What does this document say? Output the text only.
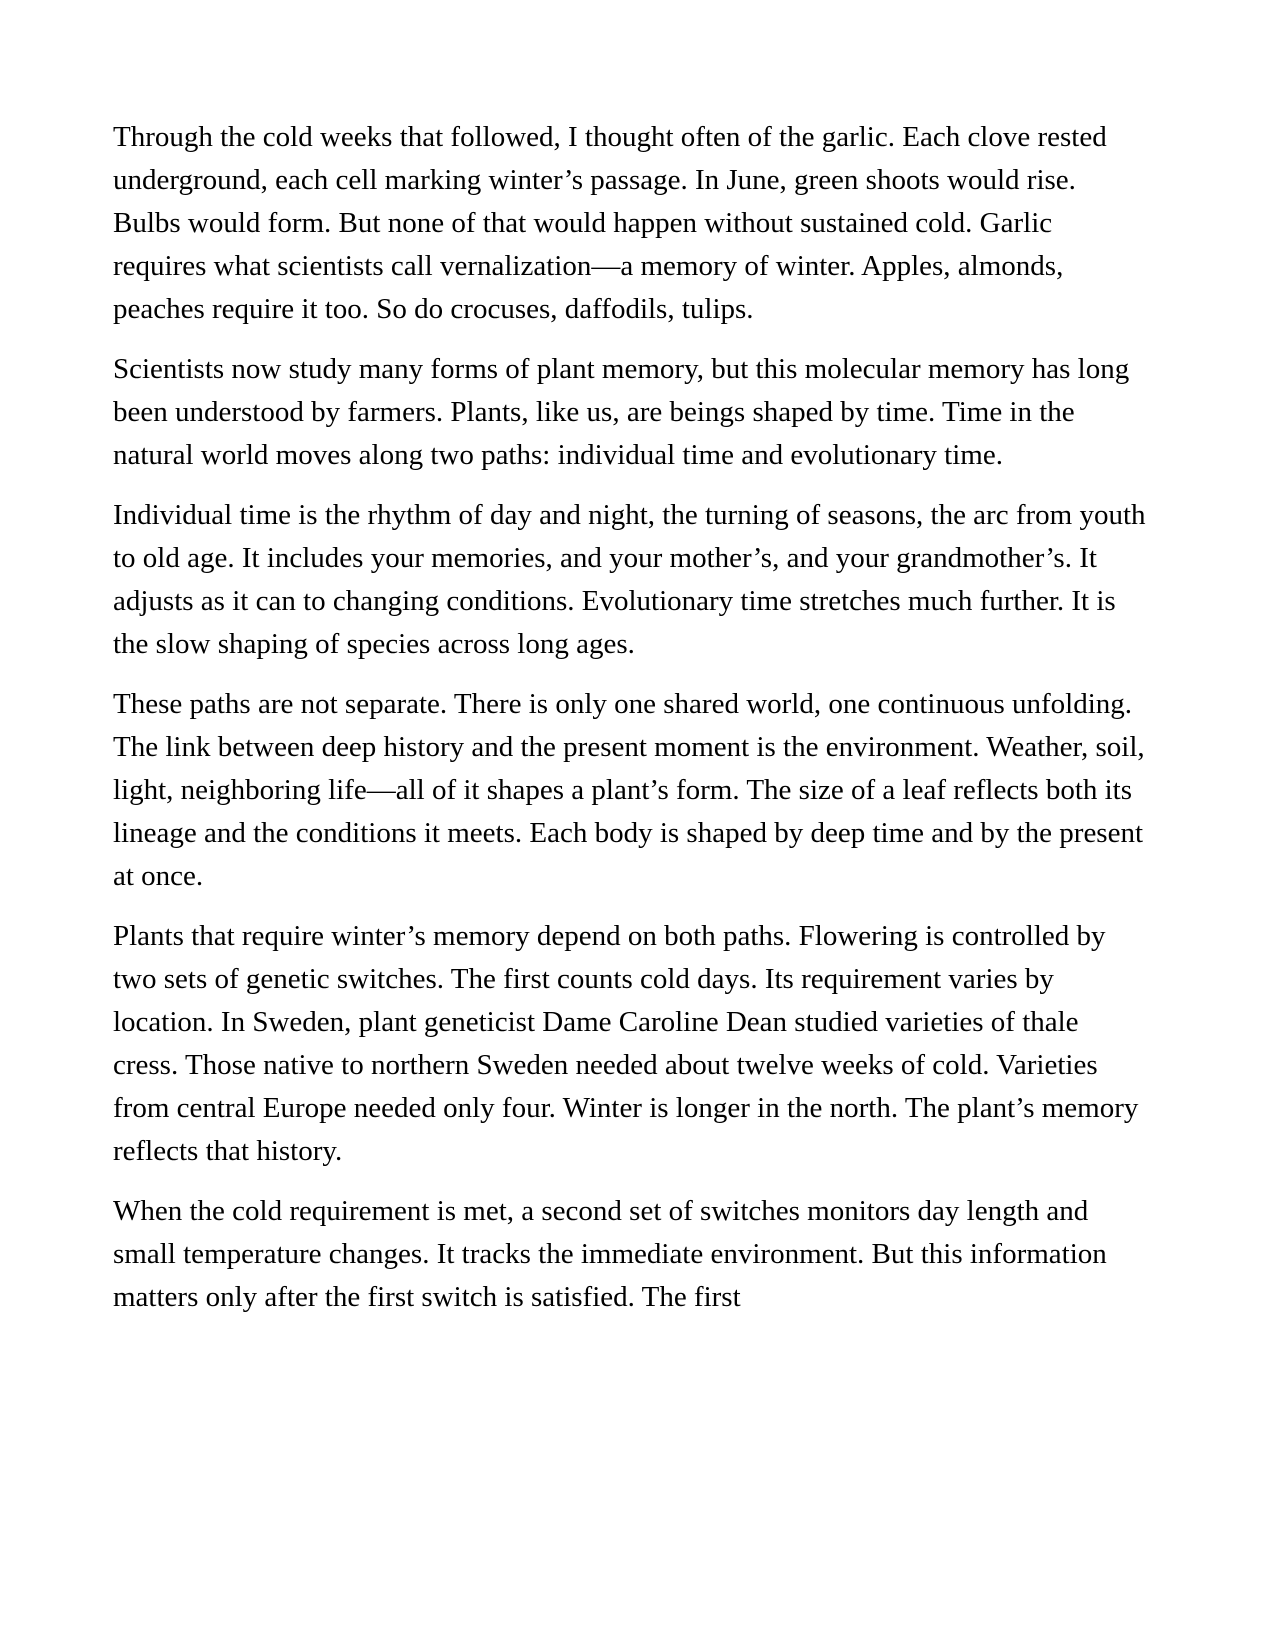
Through the cold weeks that followed, I thought often of the garlic. Each clove rested underground, each cell marking winter’s passage. In June, green shoots would rise. Bulbs would form. But none of that would happen without sustained cold. Garlic requires what scientists call vernalization—a memory of winter. Apples, almonds, peaches require it too. So do crocuses, daffodils, tulips.

Scientists now study many forms of plant memory, but this molecular memory has long been understood by farmers. Plants, like us, are beings shaped by time. Time in the natural world moves along two paths: individual time and evolutionary time.

Individual time is the rhythm of day and night, the turning of seasons, the arc from youth to old age. It includes your memories, and your mother’s, and your grandmother’s. It adjusts as it can to changing conditions. Evolutionary time stretches much further. It is the slow shaping of species across long ages.

These paths are not separate. There is only one shared world, one continuous unfolding. The link between deep history and the present moment is the environment. Weather, soil, light, neighboring life—all of it shapes a plant’s form. The size of a leaf reflects both its lineage and the conditions it meets. Each body is shaped by deep time and by the present at once.

Plants that require winter’s memory depend on both paths. Flowering is controlled by two sets of genetic switches. The first counts cold days. Its requirement varies by location. In Sweden, plant geneticist Dame Caroline Dean studied varieties of thale cress. Those native to northern Sweden needed about twelve weeks of cold. Varieties from central Europe needed only four. Winter is longer in the north. The plant’s memory reflects that history.

When the cold requirement is met, a second set of switches monitors day length and small temperature changes. It tracks the immediate environment. But this information matters only after the first switch is satisfied. The first
